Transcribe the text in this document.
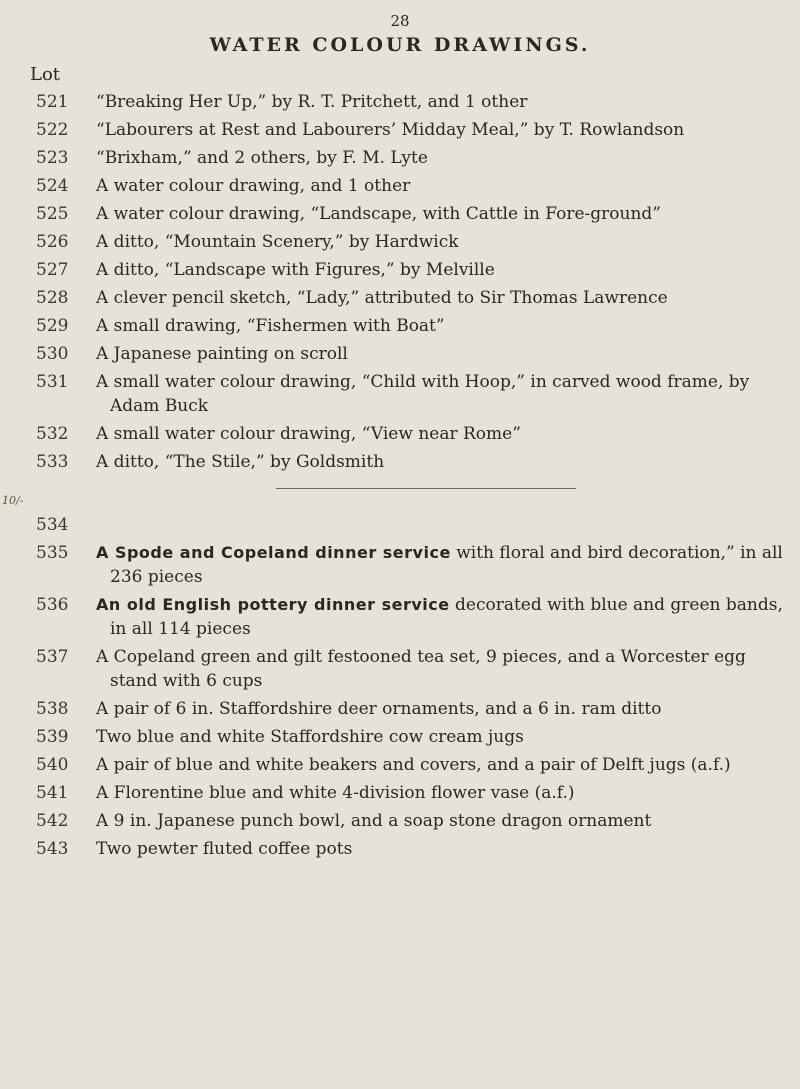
28
WATER COLOUR DRAWINGS.
Lot
10/-
521	“Breaking Her Up,” by R. T. Pritchett, and 1 other
522	“Labourers at Rest and Labourers’ Midday Meal,” by T. Rowlandson
523	“Brixham,” and 2 others, by F. M. Lyte
524	A water colour drawing, and 1 other
525	A water colour drawing, “Landscape, with Cattle in Fore-ground”
526	A ditto, “Mountain Scenery,” by Hardwick
527	A ditto, “Landscape with Figures,” by Melville
528	A clever pencil sketch, “Lady,” attributed to Sir Thomas Lawrence
529	A small drawing, “Fishermen with Boat”
530	A Japanese painting on scroll
531	A small water colour drawing, “Child with Hoop,” in carved wood frame, by Adam Buck
532	A small water colour drawing, “View near Rome”
533	A ditto, “The Stile,” by Goldsmith
534
535	A Spode and Copeland dinner service with floral and bird decoration,” in all 236 pieces
536	An old English pottery dinner service decorated with blue and green bands, in all 114 pieces
537	A Copeland green and gilt festooned tea set, 9 pieces, and a Worcester egg stand with 6 cups
538	A pair of 6 in. Staffordshire deer ornaments, and a 6 in. ram ditto
539	Two blue and white Staffordshire cow cream jugs
540	A pair of blue and white beakers and covers, and a pair of Delft jugs (a.f.)
541	A Florentine blue and white 4-division flower vase (a.f.)
542	A 9 in. Japanese punch bowl, and a soap stone dragon ornament
543	Two pewter fluted coffee pots
